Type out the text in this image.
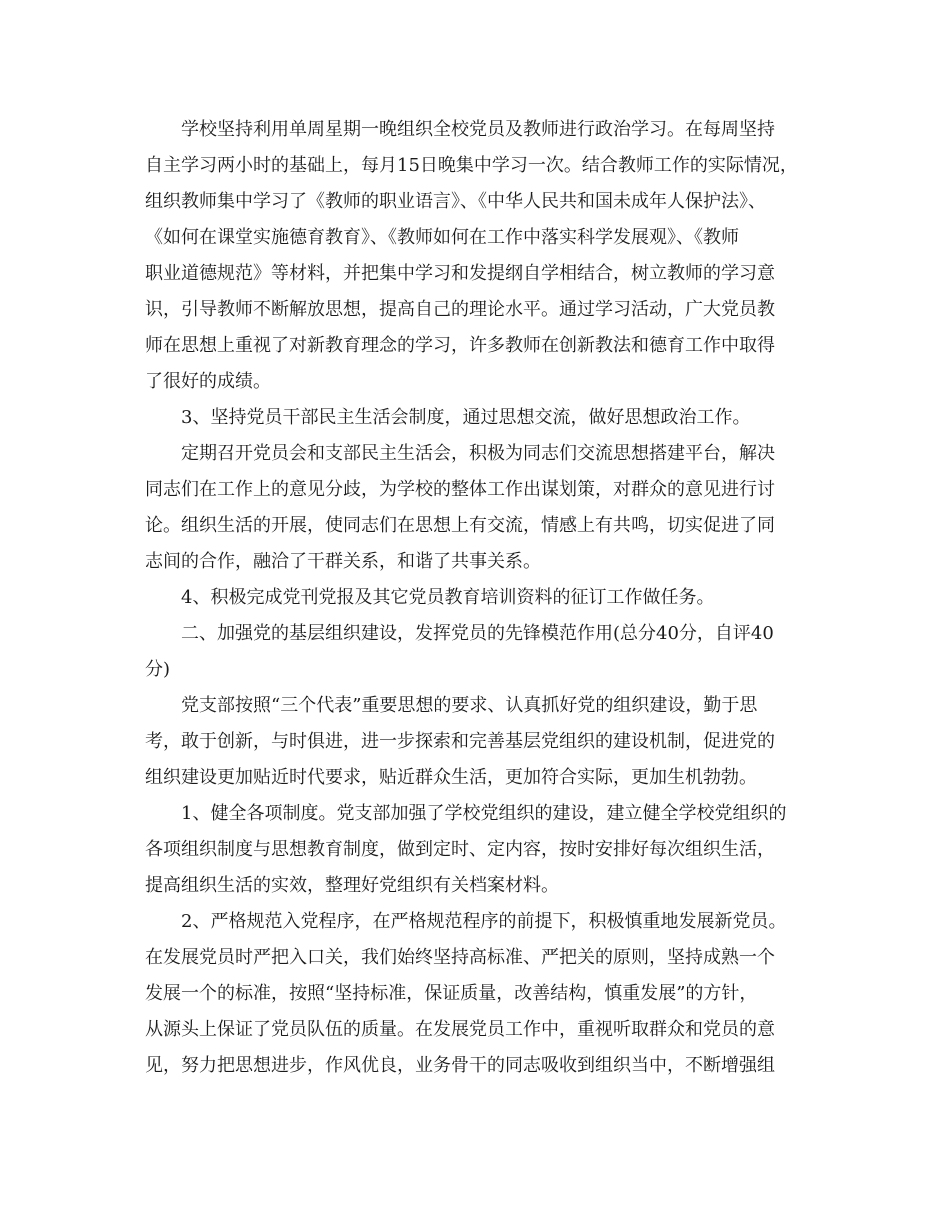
学校坚持利用单周星期一晚组织全校党员及教师进行政治学习。在每周坚持
自主学习两小时的基础上，每月15日晚集中学习一次。结合教师工作的实际情况，
组织教师集中学习了《教师的职业语言》、《中华人民共和国未成年人保护法》、
《如何在课堂实施德育教育》、《教师如何在工作中落实科学发展观》、《教师
职业道德规范》等材料，并把集中学习和发提纲自学相结合，树立教师的学习意
识，引导教师不断解放思想，提高自己的理论水平。通过学习活动，广大党员教
师在思想上重视了对新教育理念的学习，许多教师在创新教法和德育工作中取得
了很好的成绩。
3、坚持党员干部民主生活会制度，通过思想交流，做好思想政治工作。
定期召开党员会和支部民主生活会，积极为同志们交流思想搭建平台，解决
同志们在工作上的意见分歧，为学校的整体工作出谋划策，对群众的意见进行讨
论。组织生活的开展，使同志们在思想上有交流，情感上有共鸣，切实促进了同
志间的合作，融洽了干群关系，和谐了共事关系。
4、积极完成党刊党报及其它党员教育培训资料的征订工作做任务。
二、加强党的基层组织建设，发挥党员的先锋模范作用(总分40分，自评40
分)
党支部按照“三个代表”重要思想的要求、认真抓好党的组织建设，勤于思
考，敢于创新，与时俱进，进一步探索和完善基层党组织的建设机制，促进党的
组织建设更加贴近时代要求，贴近群众生活，更加符合实际，更加生机勃勃。
1、健全各项制度。党支部加强了学校党组织的建设，建立健全学校党组织的
各项组织制度与思想教育制度，做到定时、定内容，按时安排好每次组织生活，
提高组织生活的实效，整理好党组织有关档案材料。
2、严格规范入党程序，在严格规范程序的前提下，积极慎重地发展新党员。
在发展党员时严把入口关，我们始终坚持高标准、严把关的原则，坚持成熟一个
发展一个的标准，按照“坚持标准，保证质量，改善结构，慎重发展”的方针，
从源头上保证了党员队伍的质量。在发展党员工作中，重视听取群众和党员的意
见，努力把思想进步，作风优良，业务骨干的同志吸收到组织当中，不断增强组
